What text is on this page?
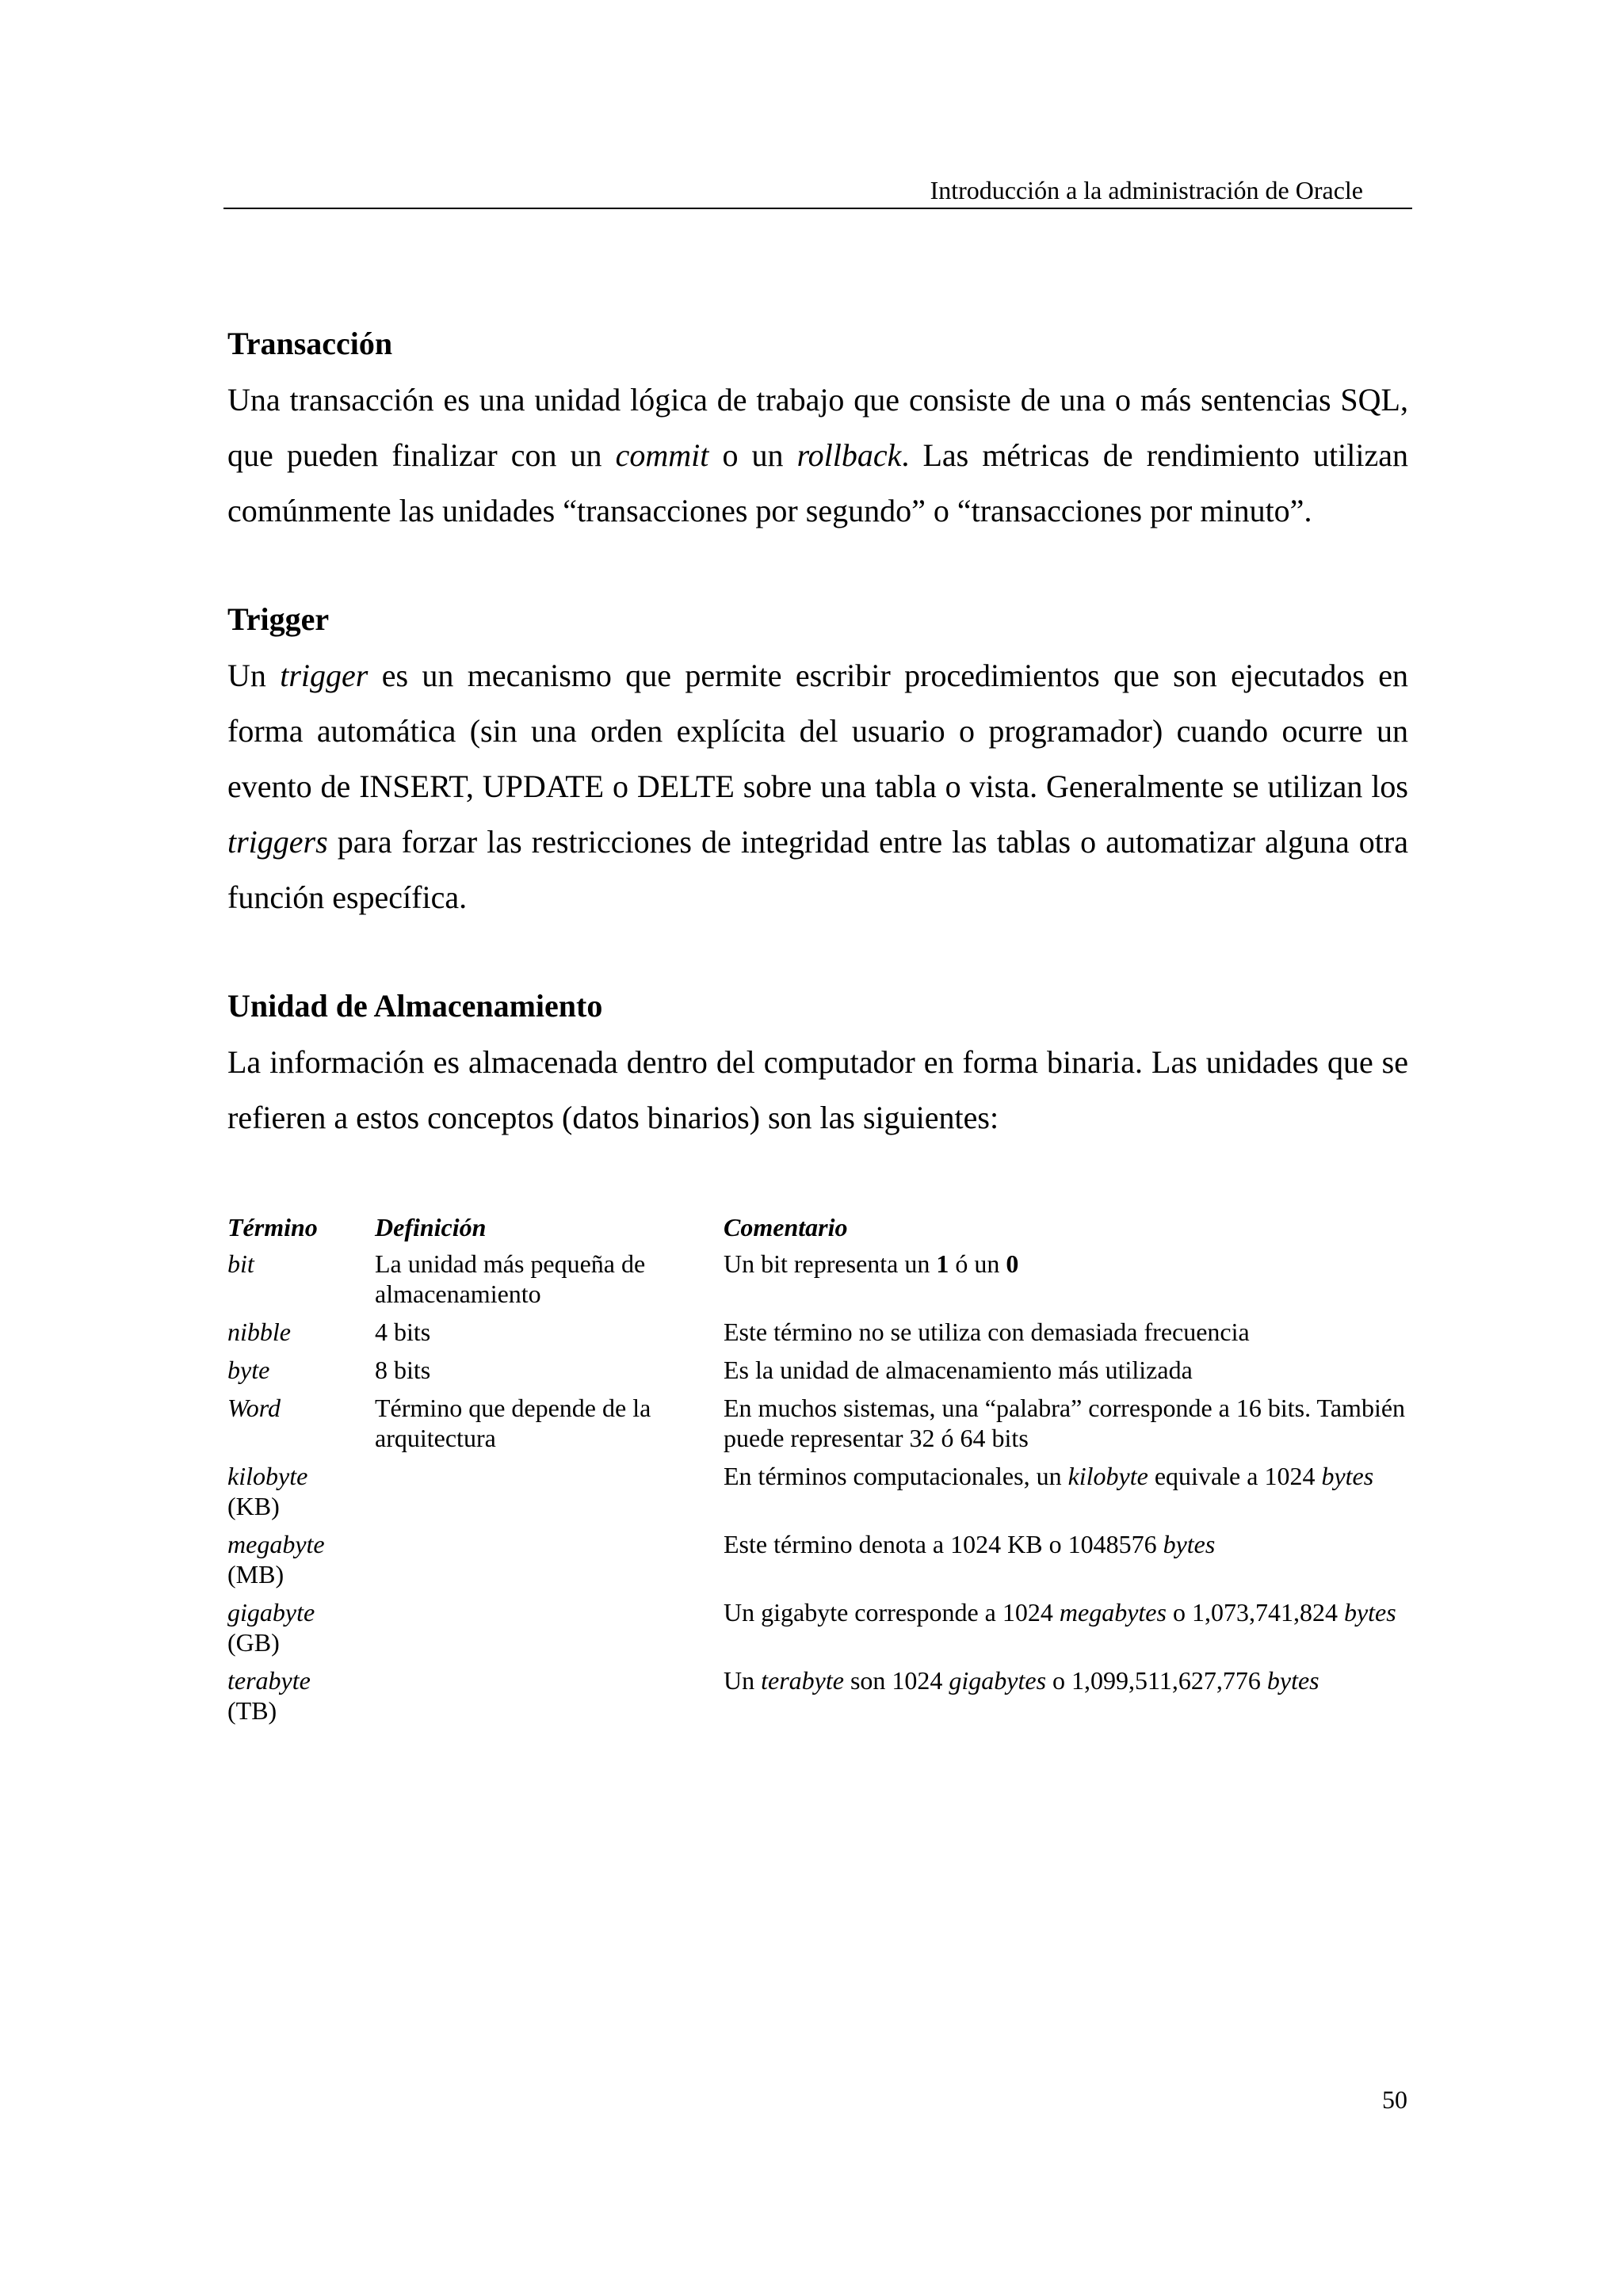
Introducción a la administración de Oracle
Transacción

Una transacción es una unidad lógica de trabajo que consiste de una o más sentencias SQL, que pueden finalizar con un commit o un rollback. Las métricas de rendimiento utilizan comúnmente las unidades “transacciones por segundo” o “transacciones por minuto”.

Trigger

Un trigger es un mecanismo que permite escribir procedimientos que son ejecutados en forma automática (sin una orden explícita del usuario o programador) cuando ocurre un evento de INSERT, UPDATE o DELTE sobre una tabla o vista. Generalmente se utilizan los triggers para forzar las restricciones de integridad entre las tablas o automatizar alguna otra función específica.

Unidad de Almacenamiento

La información es almacenada dentro del computador en forma binaria. Las unidades que se refieren a estos conceptos (datos binarios) son las siguientes:

Término	Definición	Comentario
bit	La unidad más pequeña de almacenamiento	Un bit representa un 1 ó un 0
nibble	4 bits	Este término no se utiliza con demasiada frecuencia
byte	8 bits	Es la unidad de almacenamiento más utilizada
Word	Término que depende de la arquitectura	En muchos sistemas, una “palabra” corresponde a 16 bits. También puede representar 32 ó 64 bits
kilobyte
(KB)		En términos computacionales, un kilobyte equivale a 1024 bytes
megabyte
(MB)		Este término denota a 1024 KB o 1048576 bytes
gigabyte
(GB)		Un gigabyte corresponde a 1024 megabytes o 1,073,741,824 bytes
terabyte
(TB)		Un terabyte son 1024 gigabytes o 1,099,511,627,776 bytes
50
